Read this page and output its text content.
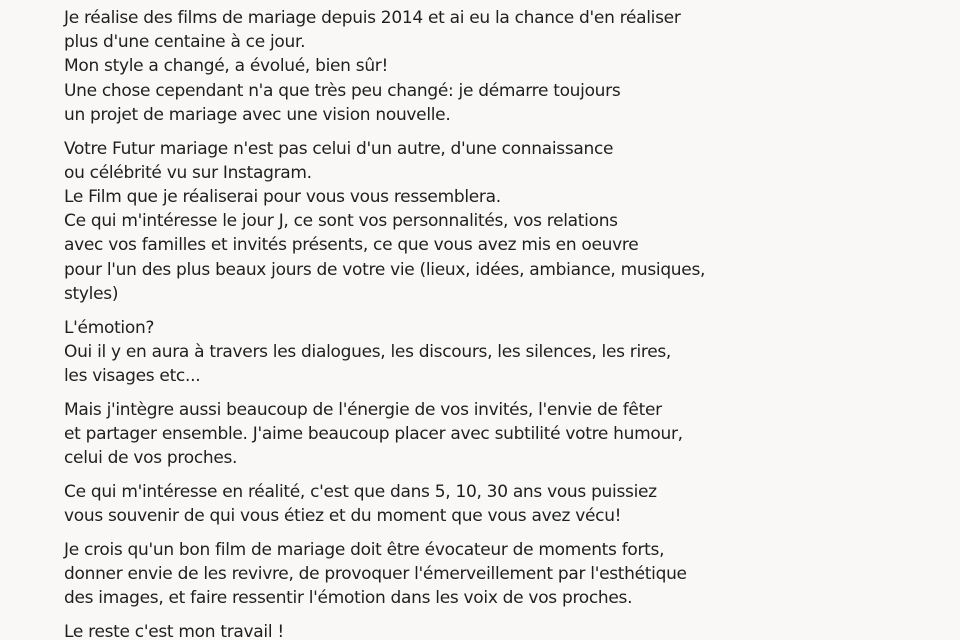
Je réalise des films de mariage depuis 2014 et ai eu la chance d'en réaliser
plus d'une centaine à ce jour.
Mon style a changé, a évolué, bien sûr!
Une chose cependant n'a que très peu changé: je démarre toujours
un projet de mariage avec une vision nouvelle.

Votre Futur mariage n'est pas celui d'un autre, d'une connaissance
ou célébrité vu sur Instagram.
Le Film que je réaliserai pour vous vous ressemblera.
Ce qui m'intéresse le jour J, ce sont vos personnalités, vos relations
avec vos familles et invités présents, ce que vous avez mis en oeuvre
pour l'un des plus beaux jours de votre vie (lieux, idées, ambiance, musiques,
styles)

L'émotion?
Oui il y en aura à travers les dialogues, les discours, les silences, les rires,
les visages etc...

Mais j'intègre aussi beaucoup de l'énergie de vos invités, l'envie de fêter
et partager ensemble. J'aime beaucoup placer avec subtilité votre humour,
celui de vos proches.

Ce qui m'intéresse en réalité, c'est que dans 5, 10, 30 ans vous puissiez
vous souvenir de qui vous étiez et du moment que vous avez vécu!

Je crois qu'un bon film de mariage doit être évocateur de moments forts,
donner envie de les revivre, de provoquer l'émerveillement par l'esthétique
des images, et faire ressentir l'émotion dans les voix de vos proches.

Le reste c'est mon travail !
